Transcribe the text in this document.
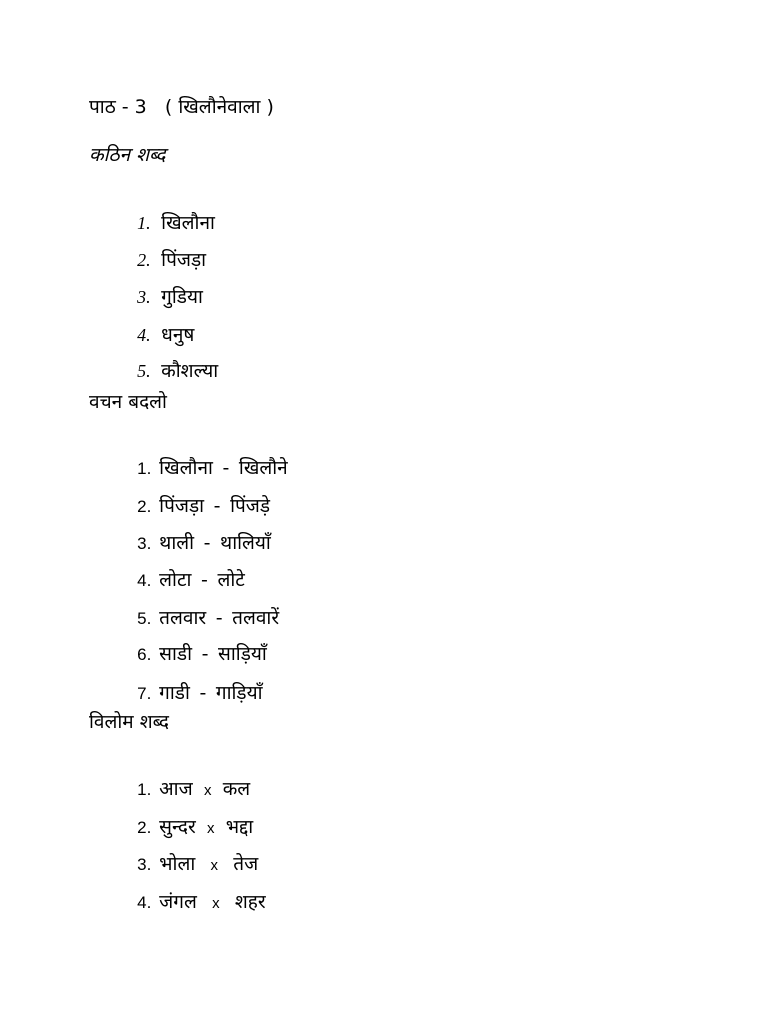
पाठ - 3   ( खिलौनेवाला )
कठिन शब्द

1. खिलौना

2. पिंजड़ा

3. गुडिया

4. धनुष

5. कौशल्या

वचन बदलो

1. खिलौना - खिलौने

2. पिंजड़ा - पिंजड़े

3. थाली - थालियाँ

4. लोटा - लोटे

5. तलवार - तलवारें

6. साडी - साड़ियाँ

7. गाडी - गाड़ियाँ

विलोम शब्द

1. आज x कल

2. सुन्दर x भद्दा

3. भोला x तेज

4. जंगल x शहर
